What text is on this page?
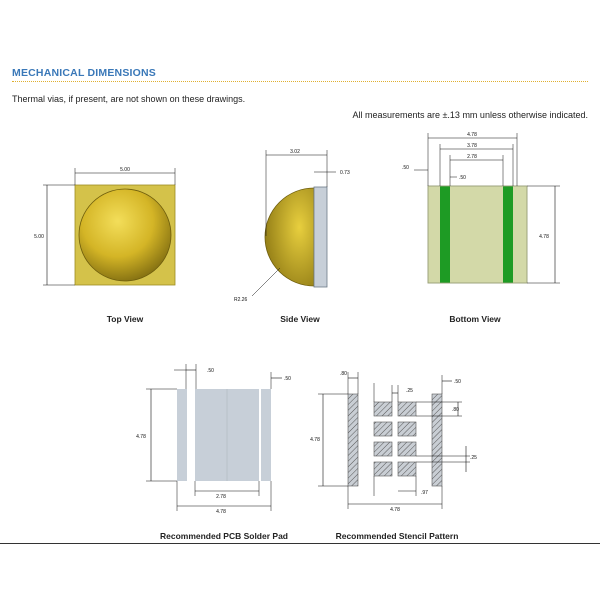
MECHANICAL DIMENSIONS
Thermal vias, if present, are not shown on these drawings.
All measurements are ±.13 mm unless otherwise indicated.
5.00
5.00
3.02
0.73
R2.26
4.78
3.78
2.78
.50
.50
4.78
.50
.50
4.78
2.78
4.78
.80
.25
.50
.80
.25
4.78
.97
4.78
Top View	Side View	Bottom View
Recommended PCB Solder Pad	Recommended Stencil Pattern
